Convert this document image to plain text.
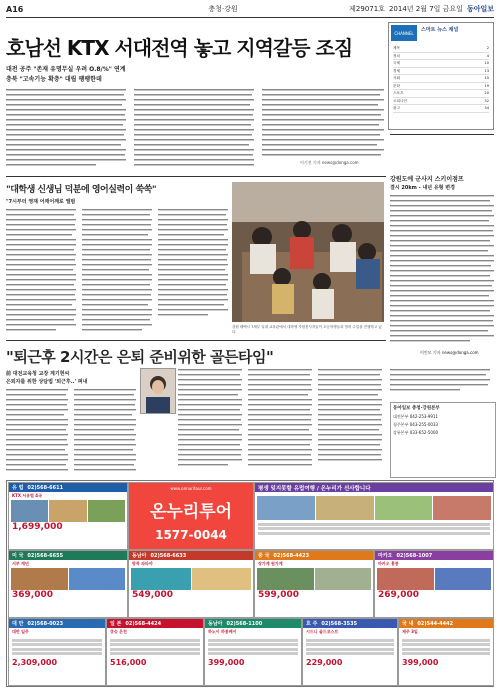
A16	충청·강원	제29071호 2014년 2월 7일 금요일 동아일보
호남선 KTX 서대전역 놓고 지역갈등 조짐
대전 공주 "존재 유명무실 우려 O.8/%" 연계
충북 "고속기능 확충" 대립 팽팽한데
이기진 기자 news@donga.com
CHANNEL	스마트 뉴스 채널
제목	2
정치	4
국제	10
경제	13
사회	15
문화	19
스포츠	20
오피니언	32
광고	34
강원도에 군사지 스키이점프
결시 20km - 내년 유형 변경
이인모 기자 news@donga.com
"대학생 신생님 덕분에 영어실력이 쑥쑥"
"7시부터 영재 어깨어깨로 앨범
강원 태백시 7세부 일대 교육관에서 대학생 자원봉사자들이 초등학생들과 영어 수업을 진행하고 있다.
"퇴근후 2시간은 은퇴 준비위한 골든타임"
前 대전교육청 교장 계기현씨
은퇴자를 위한 상담법 '퇴근후..' 펴내
동아일보 충청·강원본부
대전본부 042-253-9911
청주본부 043-255-0033
강릉본부 033-652-5000
유 럽 02)568-6611
KTX 서유럽 4국
1,699,000
www.onnuritour.com
온누리투어
1577-0044
평생 잊지못할 유럽여행 / 온누리가 선사합니다
미 국 02)568-6655
서부 캐년
369,000
동남아 02)568-6633
방콕 파타야
549,000
중 국 02)568-4423
장가계 원가계
599,000
마카오 02)568-1007
마카오 홍콩
269,000
대 만 02)568-0023
대만 일주
2,309,000
일 본 02)568-4424
큐슈 온천
516,000
동남아 02)568-1100
하노이 하롱베이
399,000
호 주 02)568-3535
시드니 골드코스트
229,000
국 내 02)544-4442
제주 3일
399,000
